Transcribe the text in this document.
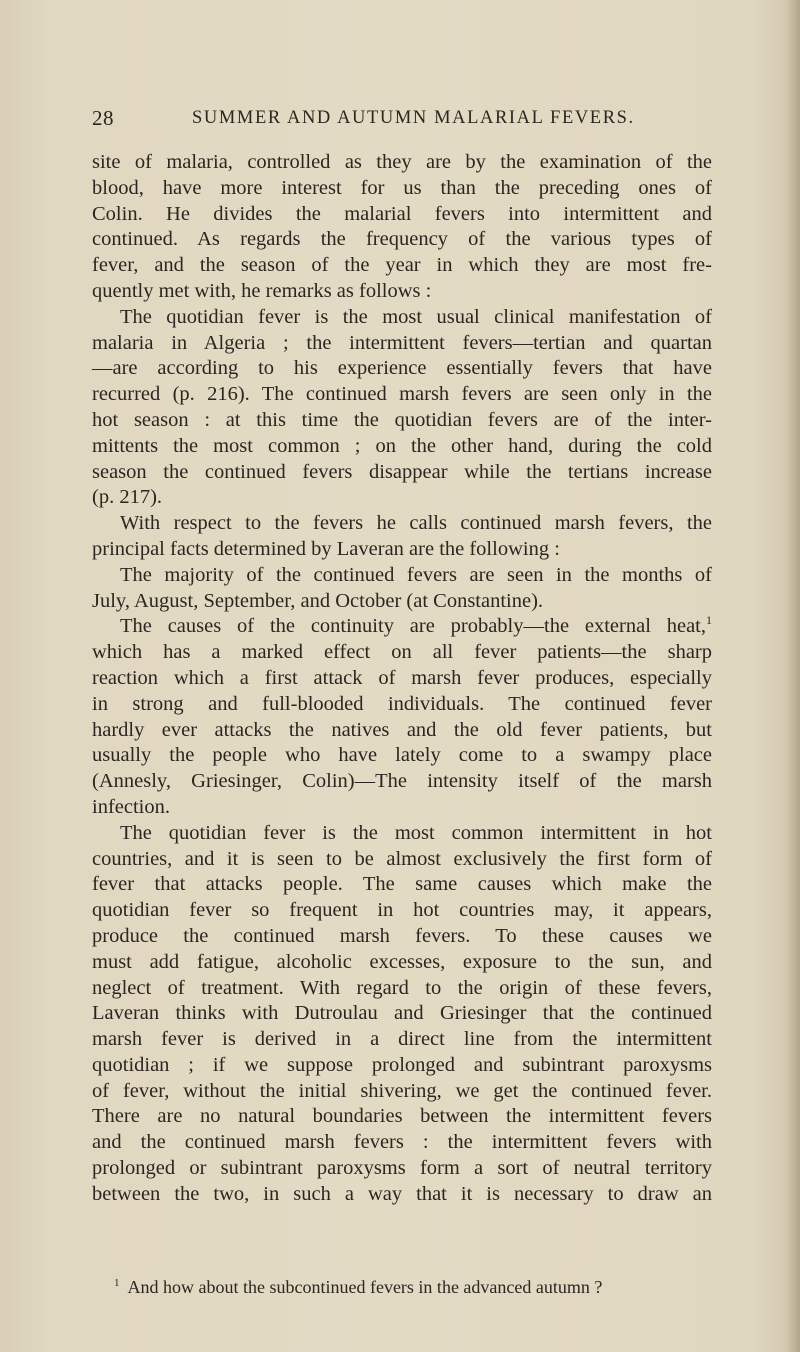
28	SUMMER AND AUTUMN MALARIAL FEVERS.
site of malaria, controlled as they are by the examination of the
blood, have more interest for us than the preceding ones of
Colin. He divides the malarial fevers into intermittent and
continued. As regards the frequency of the various types of
fever, and the season of the year in which they are most fre-
quently met with, he remarks as follows :
The quotidian fever is the most usual clinical manifestation of
malaria in Algeria ; the intermittent fevers—tertian and quartan
—are according to his experience essentially fevers that have
recurred (p. 216). The continued marsh fevers are seen only in the
hot season : at this time the quotidian fevers are of the inter-
mittents the most common ; on the other hand, during the cold
season the continued fevers disappear while the tertians increase
(p. 217).
With respect to the fevers he calls continued marsh fevers, the
principal facts determined by Laveran are the following :
The majority of the continued fevers are seen in the months of
July, August, September, and October (at Constantine).
The causes of the continuity are probably—the external heat,$^1$
which has a marked effect on all fever patients—the sharp
reaction which a first attack of marsh fever produces, especially
in strong and full-blooded individuals. The continued fever
hardly ever attacks the natives and the old fever patients, but
usually the people who have lately come to a swampy place
(Annesly, Griesinger, Colin)—The intensity itself of the marsh
infection.
The quotidian fever is the most common intermittent in hot
countries, and it is seen to be almost exclusively the first form of
fever that attacks people. The same causes which make the
quotidian fever so frequent in hot countries may, it appears,
produce the continued marsh fevers. To these causes we
must add fatigue, alcoholic excesses, exposure to the sun, and
neglect of treatment. With regard to the origin of these fevers,
Laveran thinks with Dutroulau and Griesinger that the continued
marsh fever is derived in a direct line from the intermittent
quotidian ; if we suppose prolonged and subintrant paroxysms
of fever, without the initial shivering, we get the continued fever.
There are no natural boundaries between the intermittent fevers
and the continued marsh fevers : the intermittent fevers with
prolonged or subintrant paroxysms form a sort of neutral territory
between the two, in such a way that it is necessary to draw an
$^1$ And how about the subcontinued fevers in the advanced autumn ?
